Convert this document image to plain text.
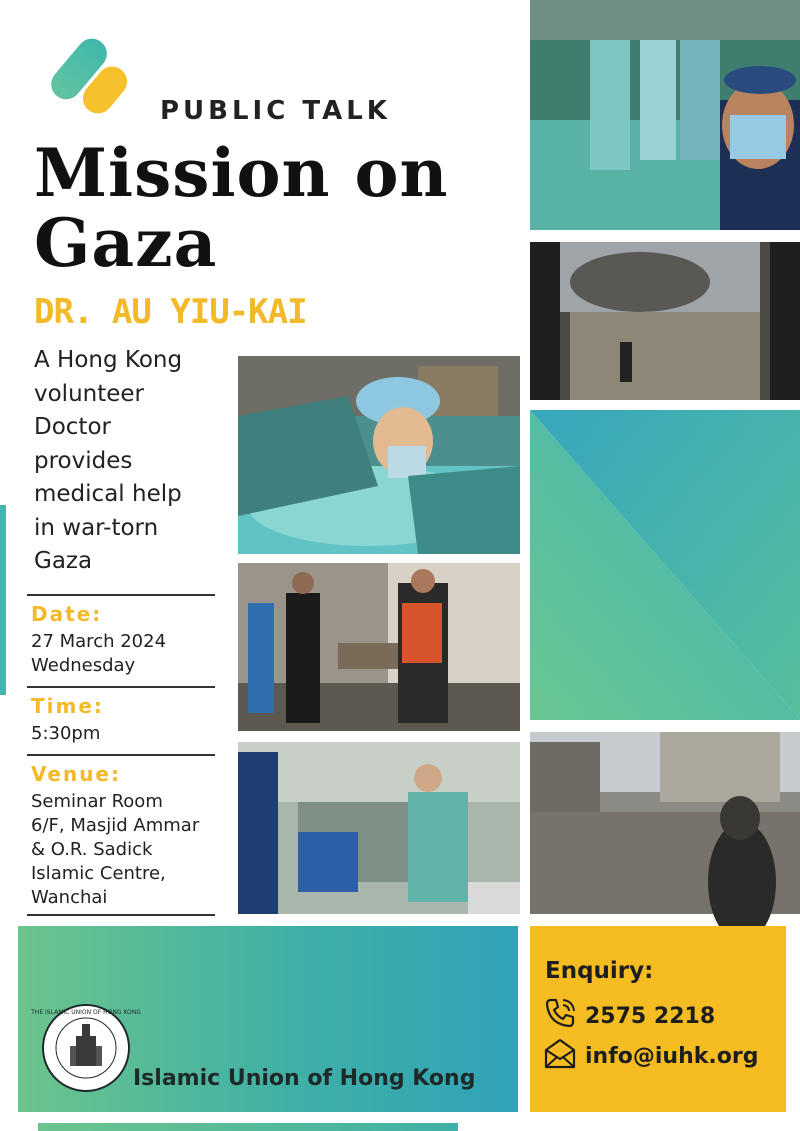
PUBLIC TALK
Mission on
Gaza
DR. AU YIU-KAI
A Hong Kong
volunteer
Doctor
provides
medical help
in war-torn
Gaza
Date:
27 March 2024
Wednesday
Time:
5:30pm
Venue:
Seminar Room
6/F, Masjid Ammar
& O.R. Sadick
Islamic Centre,
Wanchai
THE ISLAMIC UNION OF HONG KONG
Islamic Union of Hong Kong
Enquiry:
2575 2218
info@iuhk.org
